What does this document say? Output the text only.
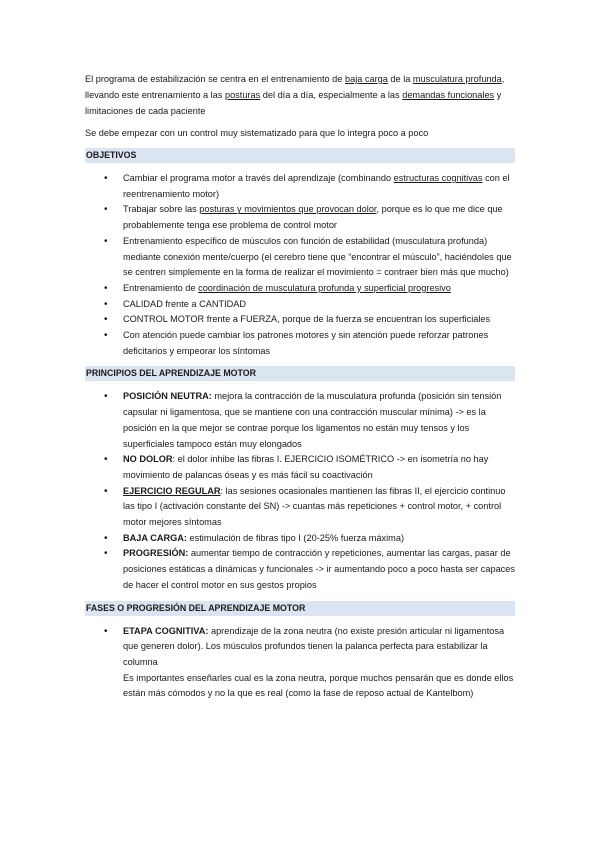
El programa de estabilización se centra en el entrenamiento de baja carga de la musculatura profunda, llevando este entrenamiento a las posturas del día a día, especialmente a las demandas funcionales y limitaciones de cada paciente

Se debe empezar con un control muy sistematizado para que lo integra poco a poco

OBJETIVOS
• Cambiar el programa motor a través del aprendizaje (combinando estructuras cognitivas con el reentrenamiento motor)
• Trabajar sobre las posturas y movimientos que provocan dolor, porque es lo que me dice que probablemente tenga ese problema de control motor
• Entrenamiento específico de músculos con función de estabilidad (musculatura profunda) mediante conexión mente/cuerpo (el cerebro tiene que “encontrar el músculo”, haciéndoles que se centren simplemente en la forma de realizar el movimiento = contraer bien más que mucho)
• Entrenamiento de coordinación de musculatura profunda y superficial progresivo
• CALIDAD frente a CANTIDAD
• CONTROL MOTOR frente a FUERZA, porque de la fuerza se encuentran los superficiales
• Con atención puede cambiar los patrones motores y sin atención puede reforzar patrones deficitarios y empeorar los síntomas
PRINCIPIOS DEL APRENDIZAJE MOTOR
• POSICIÓN NEUTRA: mejora la contracción de la musculatura profunda (posición sin tensión capsular ni ligamentosa, que se mantiene con una contracción muscular mínima) -> es la posición en la que mejor se contrae porque los ligamentos no están muy tensos y los superficiales tampoco están muy elongados
• NO DOLOR: el dolor inhibe las fibras I. EJERCICIO ISOMÉTRICO -> en isometría no hay movimiento de palancas óseas y es más fácil su coactivación
• EJERCICIO REGULAR: las sesiones ocasionales mantienen las fibras II, el ejercicio continuo las tipo I (activación constante del SN) -> cuantas más repeticiones + control motor, + control motor mejores síntomas
• BAJA CARGA: estimulación de fibras tipo I (20-25% fuerza máxima)
• PROGRESIÓN: aumentar tiempo de contracción y repeticiones, aumentar las cargas, pasar de posiciones estáticas a dinámicas y funcionales -> ir aumentando poco a poco hasta ser capaces de hacer el control motor en sus gestos propios
FASES O PROGRESIÓN DEL APRENDIZAJE MOTOR
• ETAPA COGNITIVA: aprendizaje de la zona neutra (no existe presión articular ni ligamentosa que generen dolor). Los músculos profundos tienen la palanca perfecta para estabilizar la columna
Es importantes enseñarles cual es la zona neutra, porque muchos pensarán que es donde ellos están más cómodos y no la que es real (como la fase de reposo actual de Kantelbom)
